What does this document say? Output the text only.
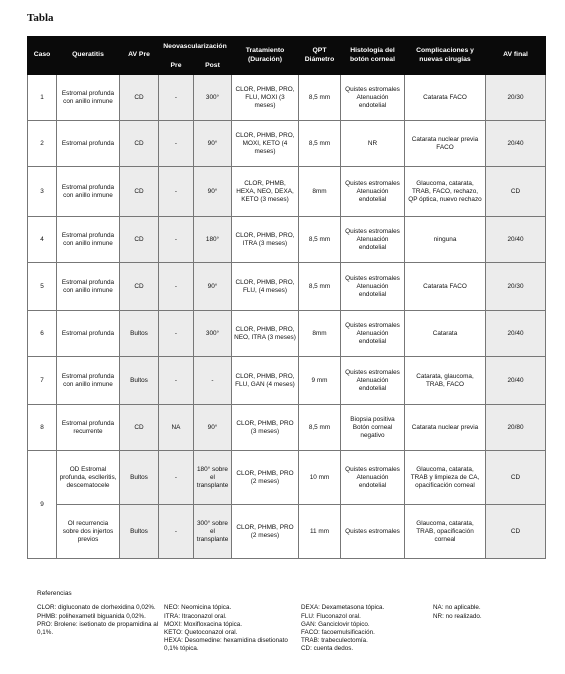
Tabla
Caso	Queratitis	AV Pre	Neovascularización		Tratamiento (Duración)	QPT Diámetro	Histología del botón corneal	Complicaciones y nuevas cirugías	AV final
			Pre	Post					
1	Estromal profunda con anillo inmune	CD	-	300°	CLOR, PHMB, PRO, FLU, MOXI (3 meses)	8,5 mm	Quistes estromales Atenuación endotelial	Catarata FACO	20/30
2	Estromal profunda	CD	-	90°	CLOR, PHMB, PRO, MOXI, KETO (4 meses)	8,5 mm	NR	Catarata nuclear previa FACO	20/40
3	Estromal profunda con anillo inmune	CD	-	90°	CLOR, PHMB, HEXA, NEO, DEXA, KETO (3 meses)	8mm	Quistes estromales Atenuación endotelial	Glaucoma, catarata, TRAB, FACO, rechazo, QP óptica, nuevo rechazo	CD
4	Estromal profunda con anillo inmune	CD	-	180°	CLOR, PHMB, PRO, ITRA (3 meses)	8,5 mm	Quistes estromales Atenuación endotelial	ninguna	20/40
5	Estromal profunda con anillo inmune	CD	-	90°	CLOR, PHMB, PRO, FLU, (4 meses)	8,5 mm	Quistes estromales Atenuación endotelial	Catarata FACO	20/30
6	Estromal profunda	Bultos	-	300°	CLOR, PHMB, PRO, NEO, ITRA (3 meses)	8mm	Quistes estromales Atenuación endotelial	Catarata	20/40
7	Estromal profunda con anillo inmune	Bultos	-	-	CLOR, PHMB, PRO, FLU, GAN (4 meses)	9 mm	Quistes estromales Atenuación endotelial	Catarata, glaucoma, TRAB, FACO	20/40
8	Estromal profunda recurrente	CD	NA	90°	CLOR, PHMB, PRO (3 meses)	8,5 mm	Biopsia positiva Botón corneal negativo	Catarata nuclear previa	20/80
9	OD Estromal profunda, esclleritis, descematocele	Bultos	-	180° sobre el transplante	CLOR, PHMB, PRO (2 meses)	10 mm	Quistes estromales Atenuación endotelial	Glaucoma, catarata, TRAB y limpieza de CA, opacificación corneal	CD
	OI recurrencia sobre dos injertos previos	Bultos	-	300° sobre el transplante	CLOR, PHMB, PRO (2 meses)	11 mm	Quistes estromales	Glaucoma, catarata, TRAB, opacificación corneal	CD
Referencias
CLOR: digluconato de clorhexidina 0,02%.
PHMB: polihexametil biguanida 0,02%.
PRO: Brolene: isetionato de propamidina al 0,1%.
NEO: Neomicina tópica.
ITRA: Itraconazol oral.
MOXI: Moxifloxacina tópica.
KETO: Quetoconazol oral.
HEXA: Desomedine: hexamidina disetionato 0,1% tópica.
DEXA: Dexametasona tópica.
FLU: Fluconazol oral.
GAN: Ganciclovir tópico.
FACO: facoemulsificación.
TRAB: trabeculectomía.
CD: cuenta dedos.
NA: no aplicable.
NR: no realizado.
